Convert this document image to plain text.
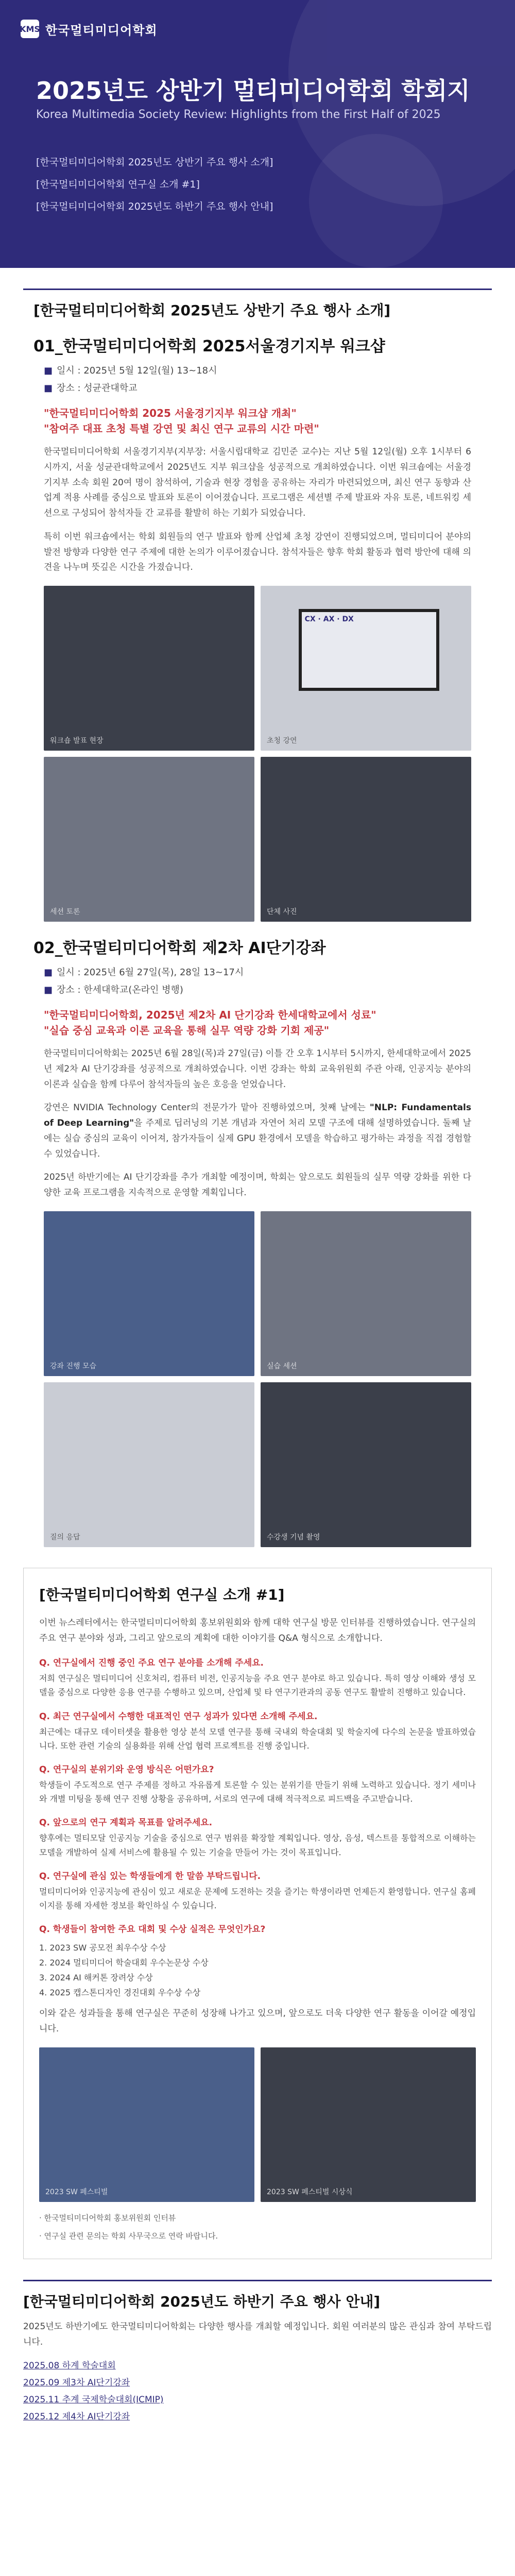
KMS 한국멀티미디어학회
2025년도 상반기 멀티미디어학회 학회지
Korea Multimedia Society Review: Highlights from the First Half of 2025
[한국멀티미디어학회 2025년도 상반기 주요 행사 소개]
[한국멀티미디어학회 연구실 소개 #1]
[한국멀티미디어학회 2025년도 하반기 주요 행사 안내]
[한국멀티미디어학회 2025년도 상반기 주요 행사 소개]
01_한국멀티미디어학회 2025서울경기지부 워크샵
■ 일시 : 2025년 5월 12일(월) 13~18시
■ 장소 : 성균관대학교
"한국멀티미디어학회 2025 서울경기지부 워크샵 개최"
"참여주 대표 초청 특별 강연 및 최신 연구 교류의 시간 마련"
한국멀티미디어학회 서울경기지부(지부장: 서울시립대학교 김민준 교수)는 지난 5월 12일(월) 오후 1시부터 6시까지, 서울 성균관대학교에서 2025년도 지부 워크샵을 성공적으로 개최하였습니다. 이번 워크숍에는 서울경기지부 소속 회원 20여 명이 참석하여, 기술과 현장 경험을 공유하는 자리가 마련되었으며, 최신 연구 동향과 산업계 적용 사례를 중심으로 발표와 토론이 이어졌습니다. 프로그램은 세션별 주제 발표와 자유 토론, 네트워킹 세션으로 구성되어 참석자들 간 교류를 활발히 하는 기회가 되었습니다.
특히 이번 워크숍에서는 학회 회원들의 연구 발표와 함께 산업체 초청 강연이 진행되었으며, 멀티미디어 분야의 발전 방향과 다양한 연구 주제에 대한 논의가 이루어졌습니다. 참석자들은 향후 학회 활동과 협력 방안에 대해 의견을 나누며 뜻깊은 시간을 가졌습니다.
워크숍 발표 현장
CX · AX · DX
초청 강연
세션 토론	단체 사진
02_한국멀티미디어학회 제2차 AI단기강좌
■ 일시 : 2025년 6월 27일(목), 28일 13~17시
■ 장소 : 한세대학교(온라인 병행)
"한국멀티미디어학회, 2025년 제2차 AI 단기강좌 한세대학교에서 성료"
"실습 중심 교육과 이론 교육을 통해 실무 역량 강화 기회 제공"
한국멀티미디어학회는 2025년 6월 28일(목)과 27일(금) 이틀 간 오후 1시부터 5시까지, 한세대학교에서 2025년 제2차 AI 단기강좌를 성공적으로 개최하였습니다. 이번 강좌는 학회 교육위원회 주관 아래, 인공지능 분야의 이론과 실습을 함께 다루어 참석자들의 높은 호응을 얻었습니다.
강연은 NVIDIA Technology Center의 전문가가 맡아 진행하였으며, 첫째 날에는 "NLP: Fundamentals of Deep Learning"을 주제로 딥러닝의 기본 개념과 자연어 처리 모델 구조에 대해 설명하였습니다. 둘째 날에는 실습 중심의 교육이 이어져, 참가자들이 실제 GPU 환경에서 모델을 학습하고 평가하는 과정을 직접 경험할 수 있었습니다.
2025년 하반기에는 AI 단기강좌를 추가 개최할 예정이며, 학회는 앞으로도 회원들의 실무 역량 강화를 위한 다양한 교육 프로그램을 지속적으로 운영할 계획입니다.
강좌 진행 모습	실습 세션
질의 응답	수강생 기념 촬영
[한국멀티미디어학회 연구실 소개 #1]
이번 뉴스레터에서는 한국멀티미디어학회 홍보위원회와 함께 대학 연구실 방문 인터뷰를 진행하였습니다. 연구실의 주요 연구 분야와 성과, 그리고 앞으로의 계획에 대한 이야기를 Q&A 형식으로 소개합니다.
Q. 연구실에서 진행 중인 주요 연구 분야를 소개해 주세요.
저희 연구실은 멀티미디어 신호처리, 컴퓨터 비전, 인공지능을 주요 연구 분야로 하고 있습니다. 특히 영상 이해와 생성 모델을 중심으로 다양한 응용 연구를 수행하고 있으며, 산업체 및 타 연구기관과의 공동 연구도 활발히 진행하고 있습니다.
Q. 최근 연구실에서 수행한 대표적인 연구 성과가 있다면 소개해 주세요.
최근에는 대규모 데이터셋을 활용한 영상 분석 모델 연구를 통해 국내외 학술대회 및 학술지에 다수의 논문을 발표하였습니다. 또한 관련 기술의 실용화를 위해 산업 협력 프로젝트를 진행 중입니다.
Q. 연구실의 분위기와 운영 방식은 어떤가요?
학생들이 주도적으로 연구 주제를 정하고 자유롭게 토론할 수 있는 분위기를 만들기 위해 노력하고 있습니다. 정기 세미나와 개별 미팅을 통해 연구 진행 상황을 공유하며, 서로의 연구에 대해 적극적으로 피드백을 주고받습니다.
Q. 앞으로의 연구 계획과 목표를 알려주세요.
향후에는 멀티모달 인공지능 기술을 중심으로 연구 범위를 확장할 계획입니다. 영상, 음성, 텍스트를 통합적으로 이해하는 모델을 개발하여 실제 서비스에 활용될 수 있는 기술을 만들어 가는 것이 목표입니다.
Q. 연구실에 관심 있는 학생들에게 한 말씀 부탁드립니다.
멀티미디어와 인공지능에 관심이 있고 새로운 문제에 도전하는 것을 즐기는 학생이라면 언제든지 환영합니다. 연구실 홈페이지를 통해 자세한 정보를 확인하실 수 있습니다.
Q. 학생들이 참여한 주요 대회 및 수상 실적은 무엇인가요?
1. 2023 SW 공모전 최우수상 수상
2. 2024 멀티미디어 학술대회 우수논문상 수상
3. 2024 AI 해커톤 장려상 수상
4. 2025 캡스톤디자인 경진대회 우수상 수상
이와 같은 성과들을 통해 연구실은 꾸준히 성장해 나가고 있으며, 앞으로도 더욱 다양한 연구 활동을 이어갈 예정입니다.
2023 SW 페스티벌	2023 SW 페스티벌 시상식
· 한국멀티미디어학회 홍보위원회 인터뷰
· 연구실 관련 문의는 학회 사무국으로 연락 바랍니다.
[한국멀티미디어학회 2025년도 하반기 주요 행사 안내]
2025년도 하반기에도 한국멀티미디어학회는 다양한 행사를 개최할 예정입니다. 회원 여러분의 많은 관심과 참여 부탁드립니다.
2025.08 하계 학술대회
2025.09 제3차 AI단기강좌
2025.11 추계 국제학술대회(ICMIP)
2025.12 제4차 AI단기강좌
